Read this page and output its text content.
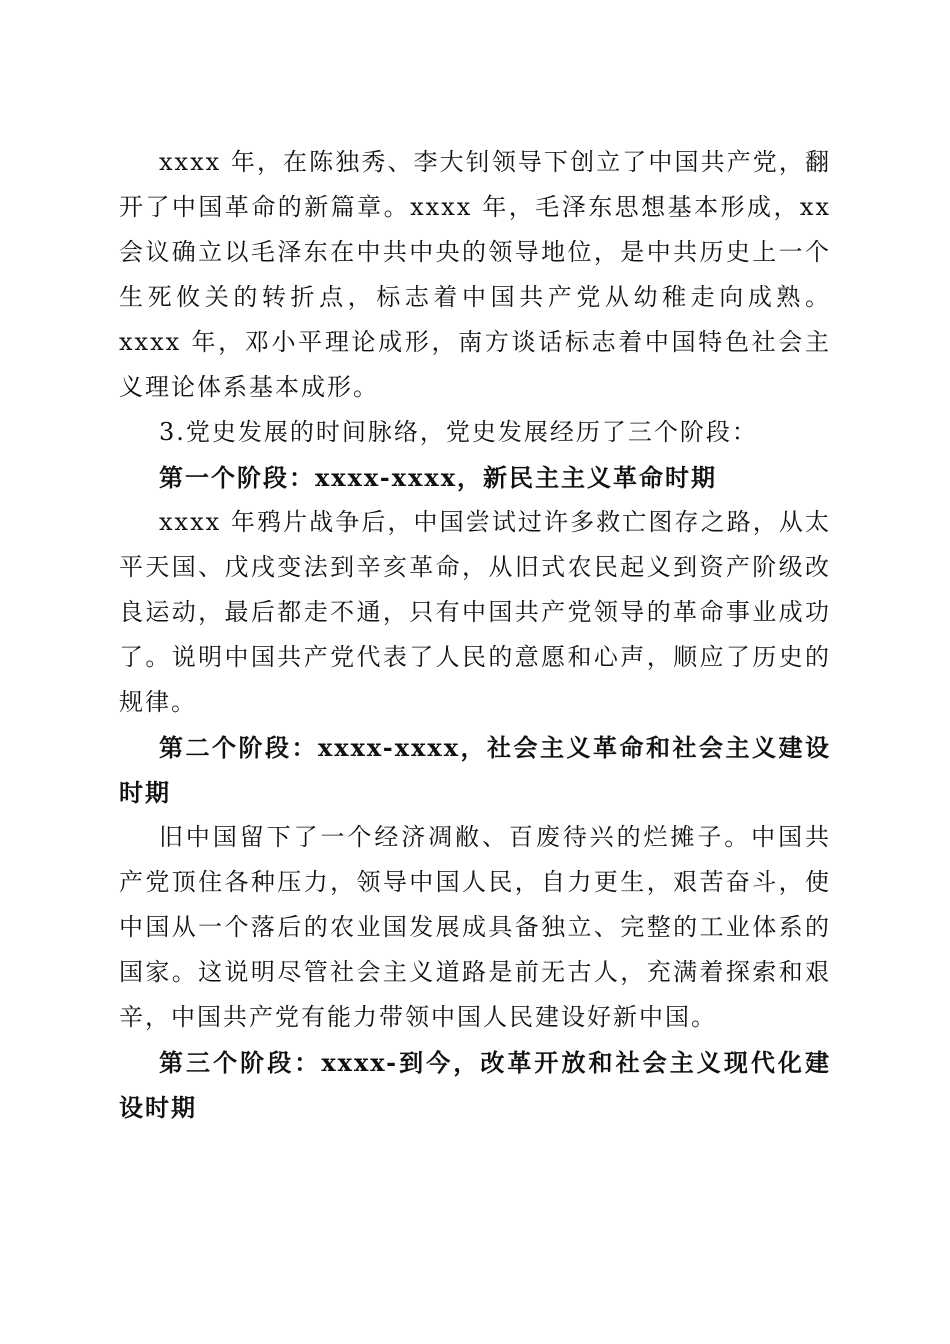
xxxx 年，在陈独秀、李大钊领导下创立了中国共产党，翻开了中国革命的新篇章。xxxx 年，毛泽东思想基本形成，xx 会议确立以毛泽东在中共中央的领导地位，是中共历史上一个生死攸关的转折点，标志着中国共产党从幼稚走向成熟。xxxx 年，邓小平理论成形，南方谈话标志着中国特色社会主义理论体系基本成形。

3.党史发展的时间脉络，党史发展经历了三个阶段：

第一个阶段：xxxx-xxxx，新民主主义革命时期

xxxx 年鸦片战争后，中国尝试过许多救亡图存之路，从太平天国、戊戌变法到辛亥革命，从旧式农民起义到资产阶级改良运动，最后都走不通，只有中国共产党领导的革命事业成功了。说明中国共产党代表了人民的意愿和心声，顺应了历史的规律。

第二个阶段：xxxx-xxxx，社会主义革命和社会主义建设时期

旧中国留下了一个经济凋敝、百废待兴的烂摊子。中国共产党顶住各种压力，领导中国人民，自力更生，艰苦奋斗，使中国从一个落后的农业国发展成具备独立、完整的工业体系的国家。这说明尽管社会主义道路是前无古人，充满着探索和艰辛，中国共产党有能力带领中国人民建设好新中国。

第三个阶段：xxxx-到今，改革开放和社会主义现代化建设时期
